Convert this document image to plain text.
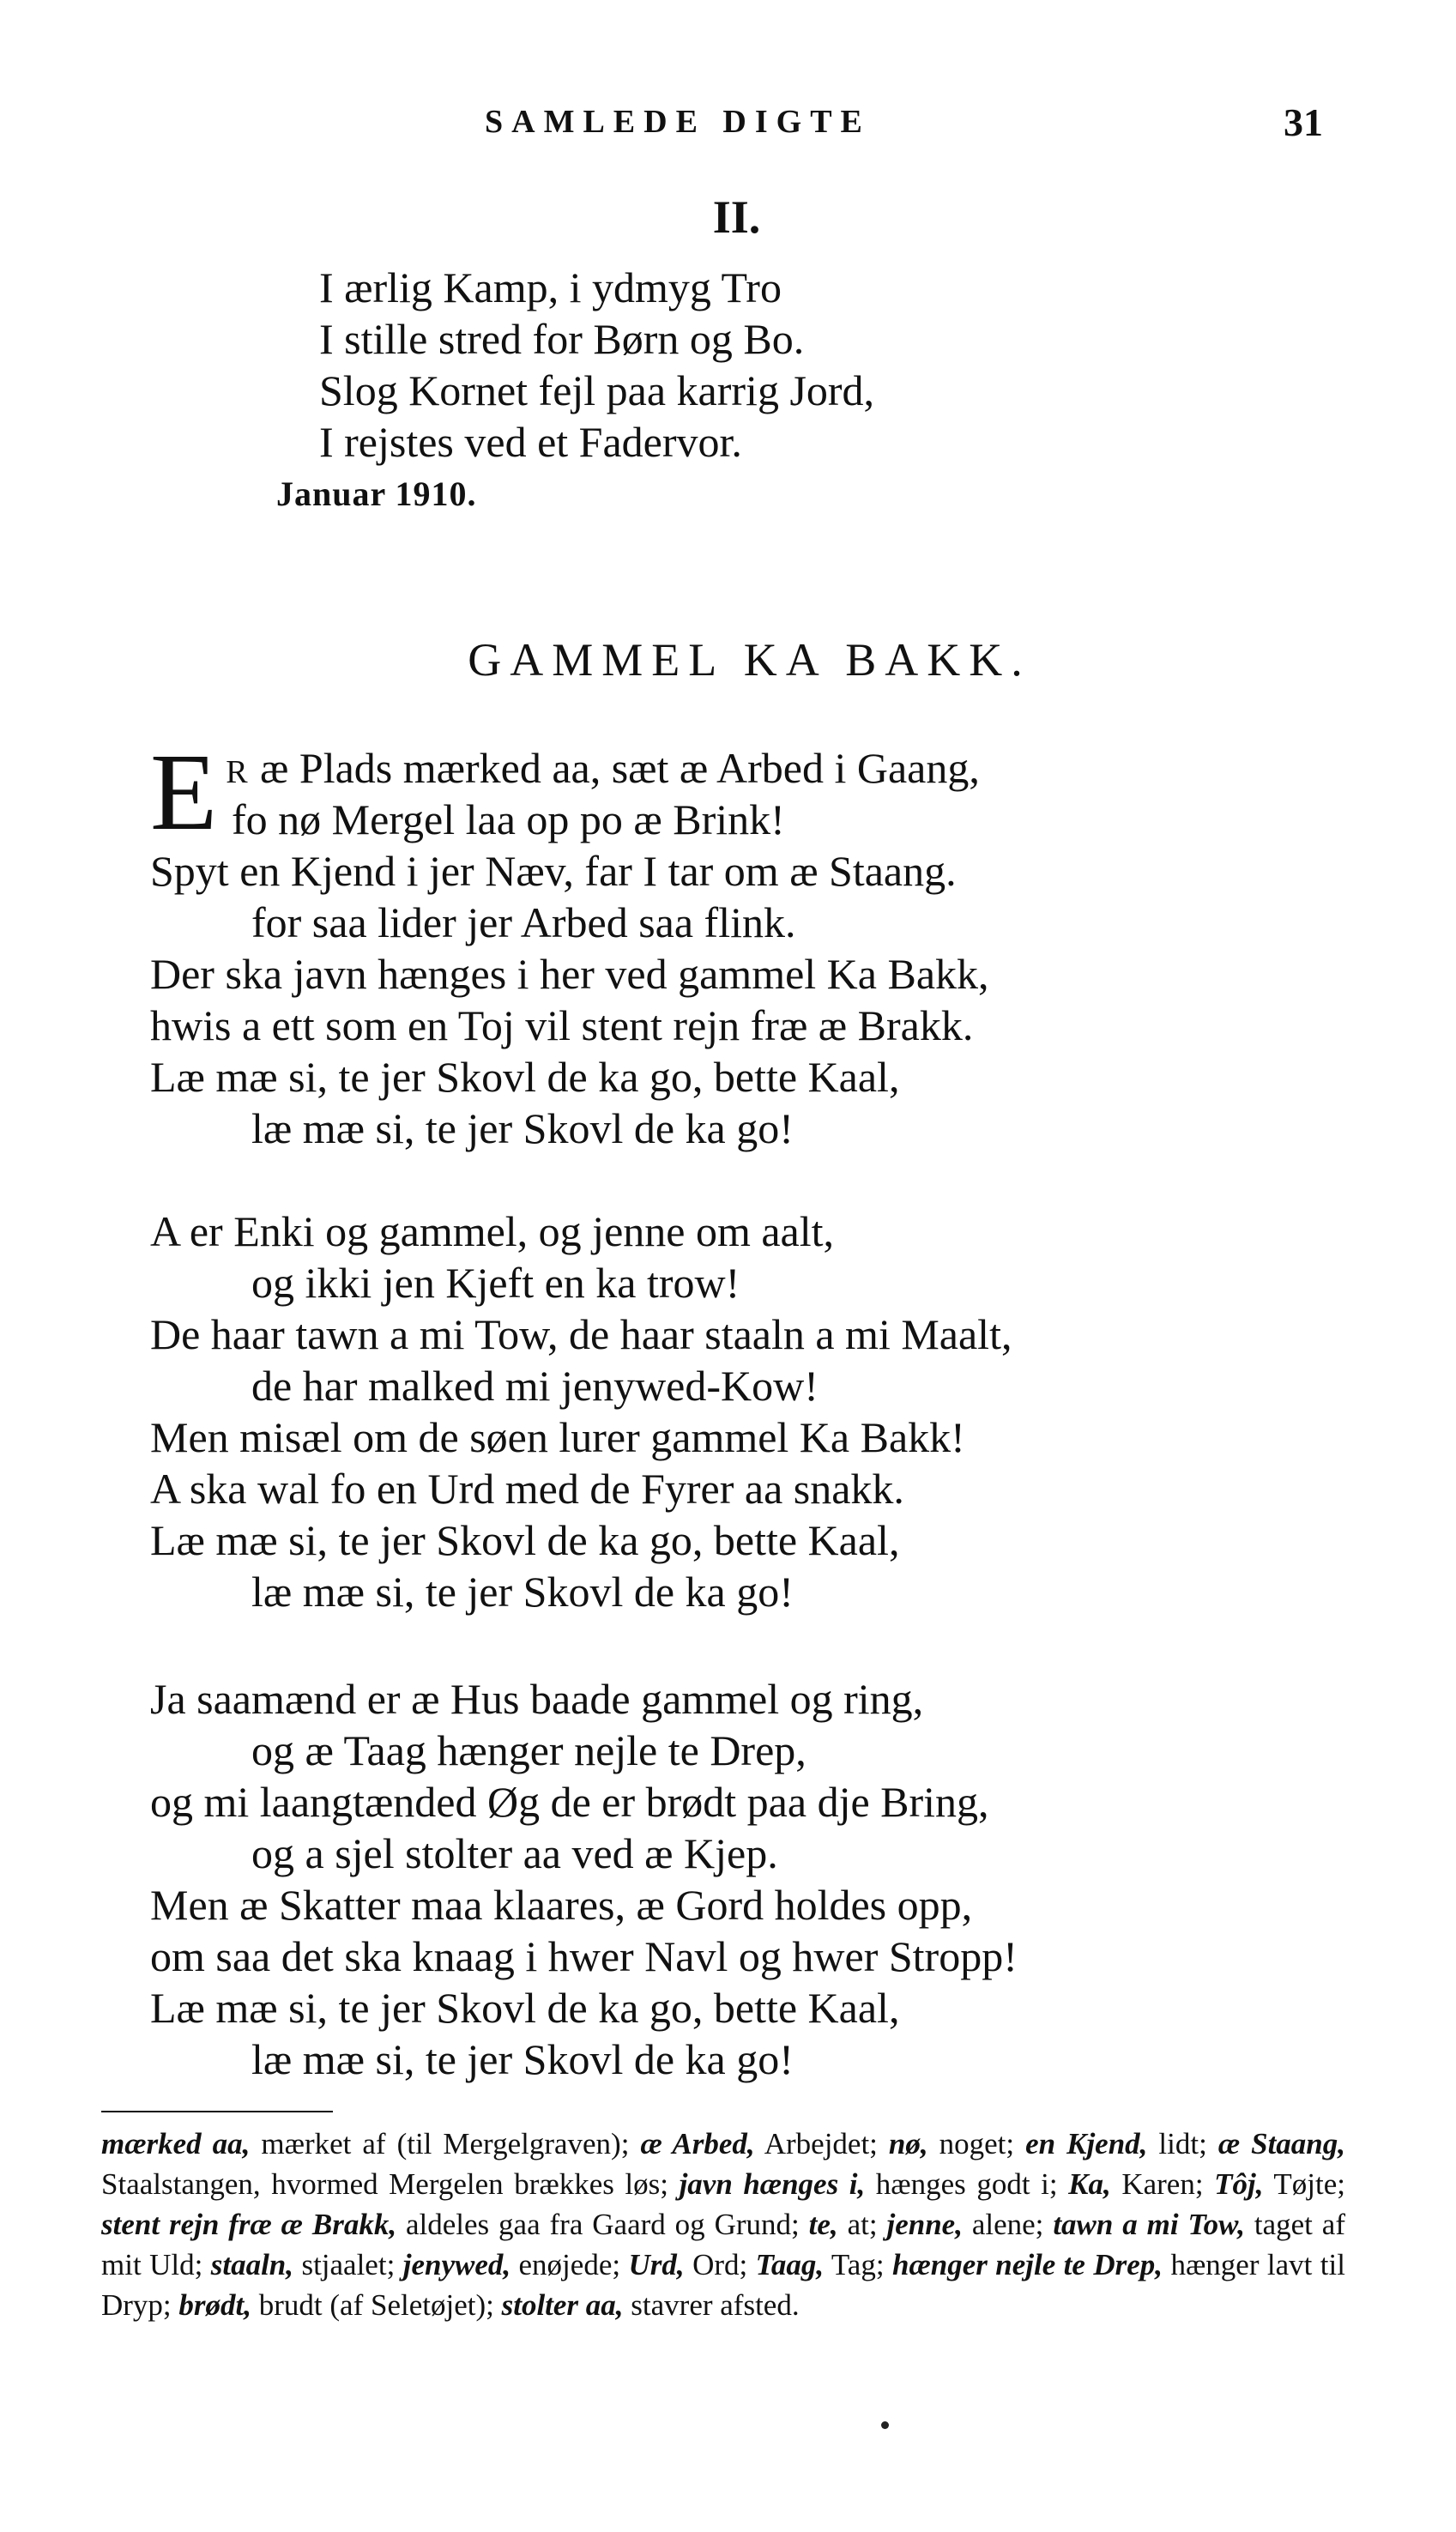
SAMLEDE DIGTE	31
II.
I ærlig Kamp, i ydmyg Tro
I stille stred for Børn og Bo.
Slog Kornet fejl paa karrig Jord,
I rejstes ved et Fadervor.
Januar 1910.
GAMMEL KA BAKK.
E R æ Plads mærked aa, sæt æ Arbed i Gaang,
fo nø Mergel laa op po æ Brink!
Spyt en Kjend i jer Næv, far I tar om æ Staang.
for saa lider jer Arbed saa flink.
Der ska javn hænges i her ved gammel Ka Bakk,
hwis a ett som en Toj vil stent rejn fræ æ Brakk.
Læ mæ si, te jer Skovl de ka go, bette Kaal,
læ mæ si, te jer Skovl de ka go!
A er Enki og gammel, og jenne om aalt,
og ikki jen Kjeft en ka trow!
De haar tawn a mi Tow, de haar staaln a mi Maalt,
de har malked mi jenywed-Kow!
Men misæl om de søen lurer gammel Ka Bakk!
A ska wal fo en Urd med de Fyrer aa snakk.
Læ mæ si, te jer Skovl de ka go, bette Kaal,
læ mæ si, te jer Skovl de ka go!
Ja saamænd er æ Hus baade gammel og ring,
og æ Taag hænger nejle te Drep,
og mi laangtænded Øg de er brødt paa dje Bring,
og a sjel stolter aa ved æ Kjep.
Men æ Skatter maa klaares, æ Gord holdes opp,
om saa det ska knaag i hwer Navl og hwer Stropp!
Læ mæ si, te jer Skovl de ka go, bette Kaal,
læ mæ si, te jer Skovl de ka go!
mærked aa, mærket af (til Mergelgraven); æ Arbed, Arbejdet; nø, noget; en Kjend, lidt; æ Staang, Staalstangen, hvormed Mergelen brækkes løs; javn hænges i, hænges godt i; Ka, Karen; Tôj, Tøjte; stent rejn fræ æ Brakk, aldeles gaa fra Gaard og Grund; te, at; jenne, alene; tawn a mi Tow, taget af mit Uld; staaln, stjaalet; jenywed, enøjede; Urd, Ord; Taag, Tag; hænger nejle te Drep, hænger lavt til Dryp; brødt, brudt (af Seletøjet); stolter aa, stavrer afsted.
